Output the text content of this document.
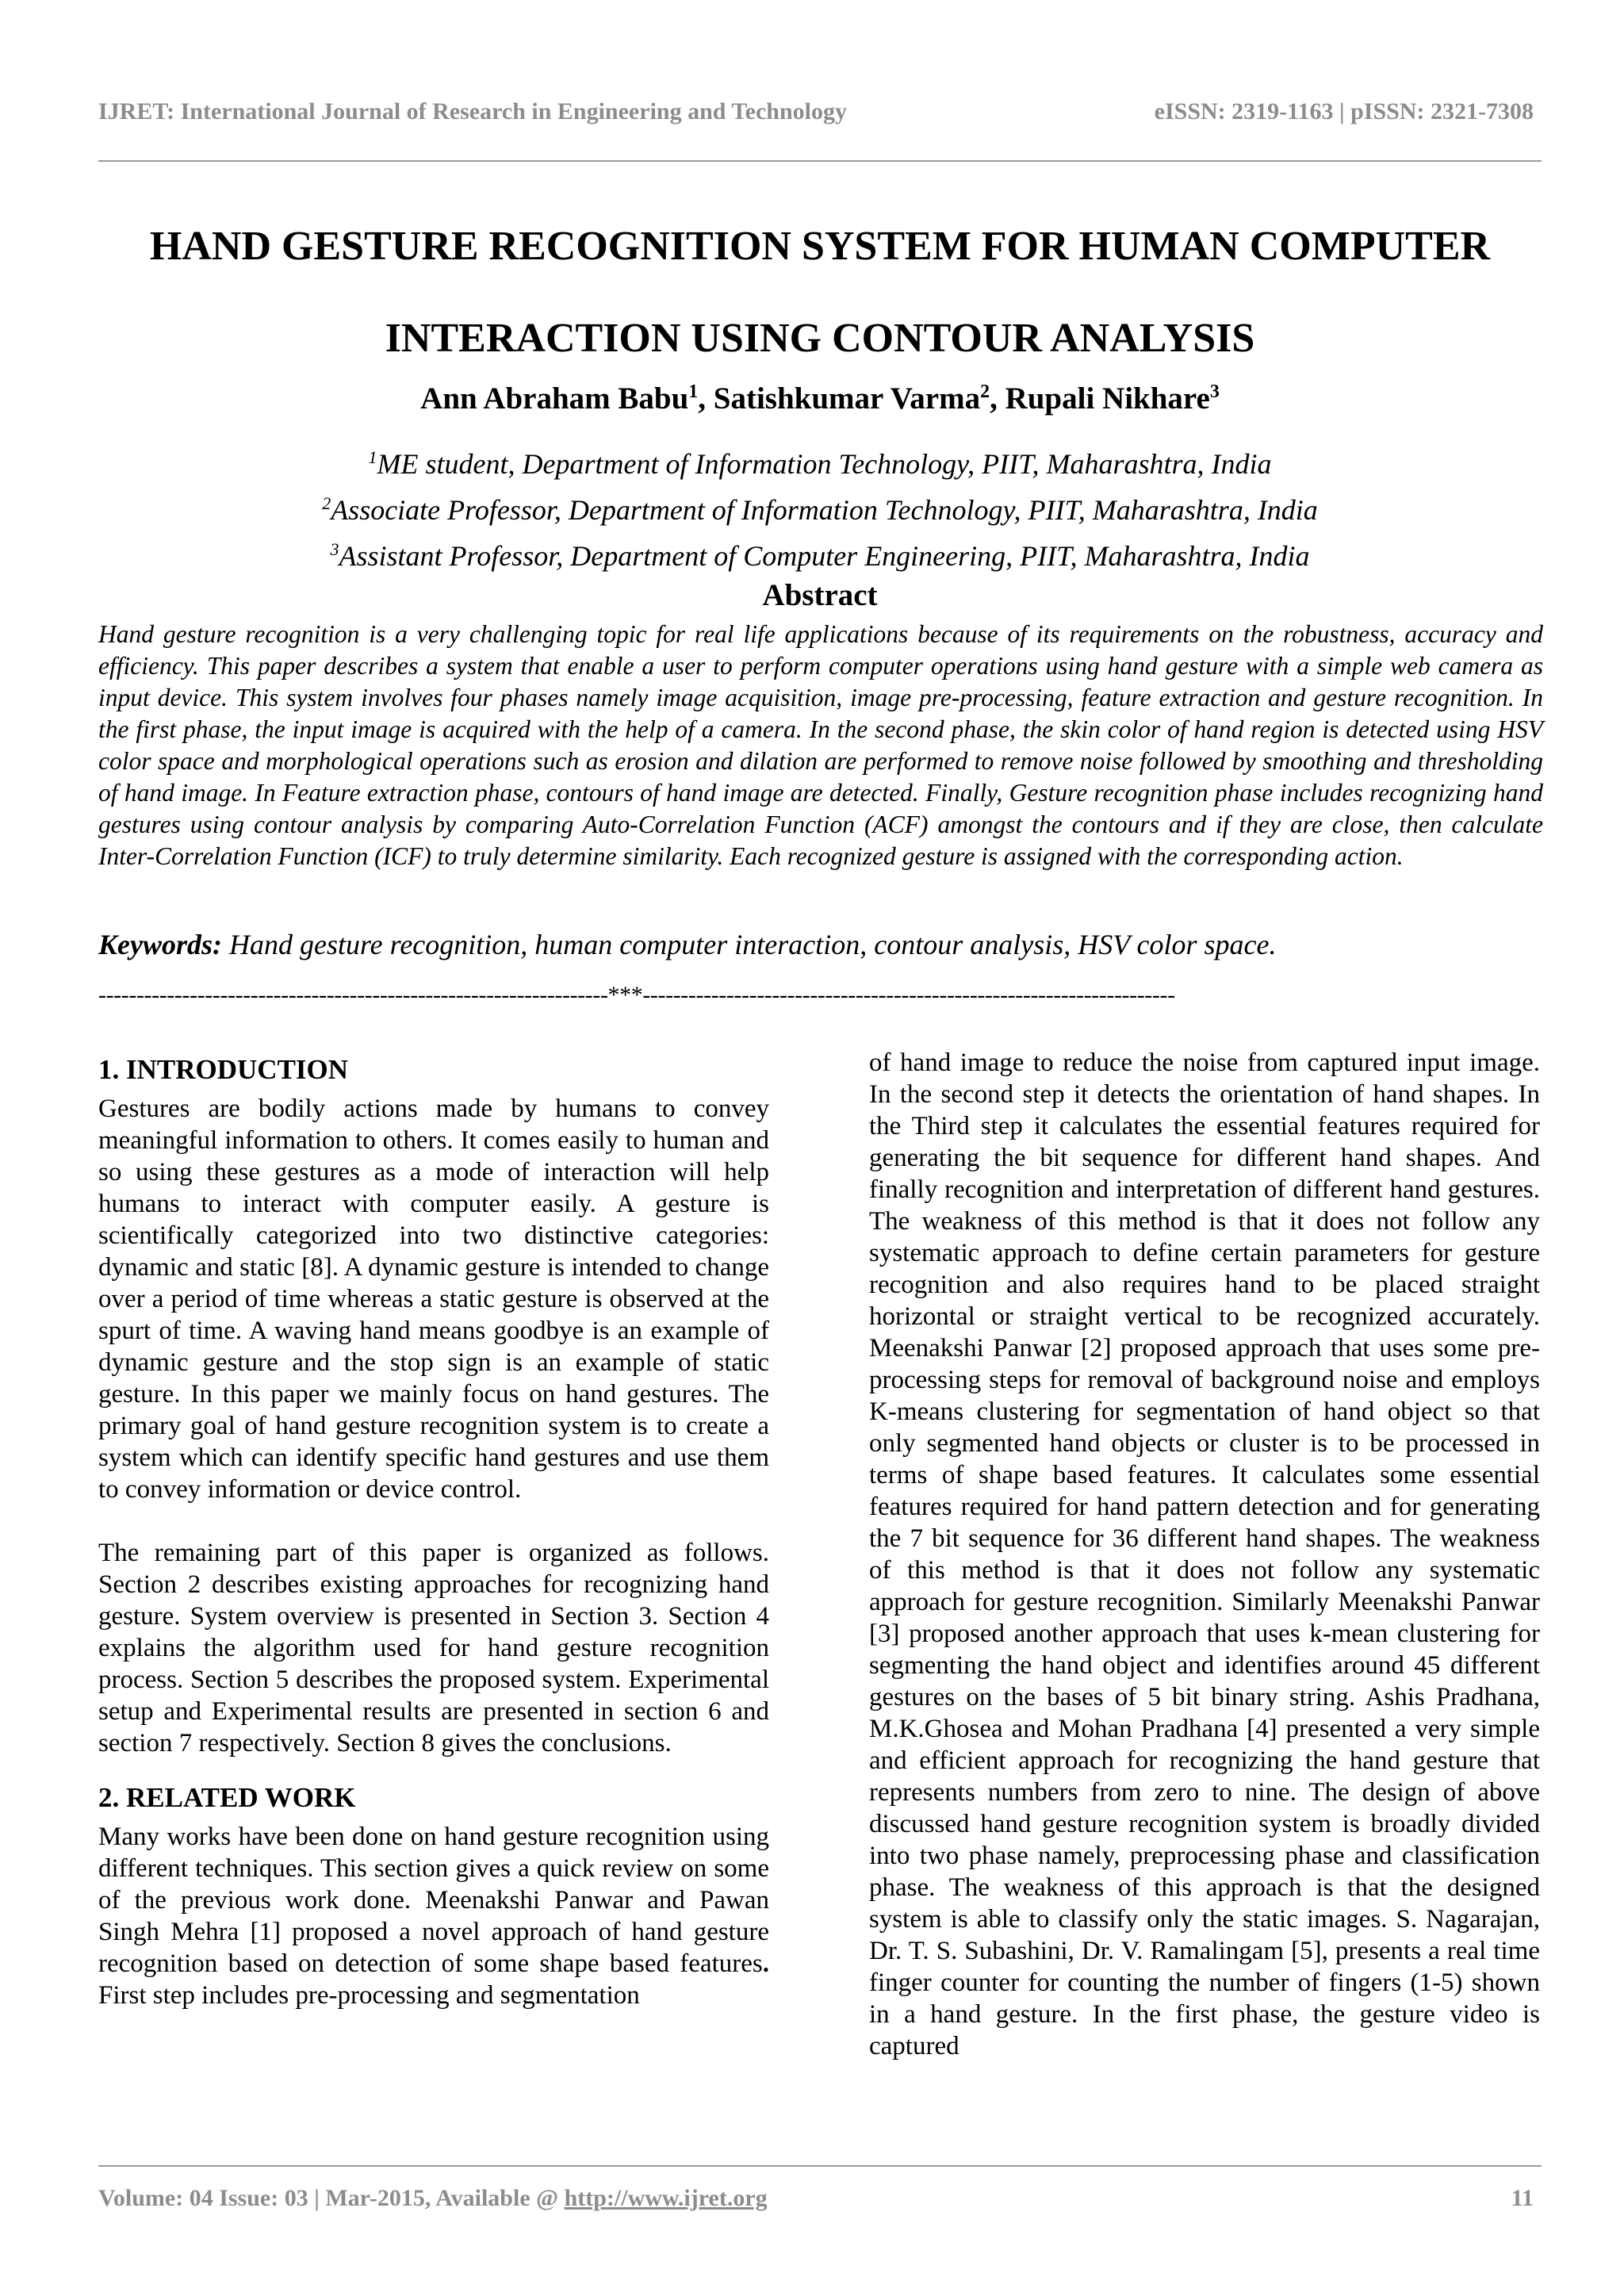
IJRET: International Journal of Research in Engineering and Technology	eISSN: 2319-1163 | pISSN: 2321-7308
HAND GESTURE RECOGNITION SYSTEM FOR HUMAN COMPUTER
INTERACTION USING CONTOUR ANALYSIS
Ann Abraham Babu$^1$, Satishkumar Varma$^2$, Rupali Nikhare$^3$
$^1$ME student, Department of Information Technology, PIIT, Maharashtra, India
$^2$Associate Professor, Department of Information Technology, PIIT, Maharashtra, India
$^3$Assistant Professor, Department of Computer Engineering, PIIT, Maharashtra, India
Abstract
Hand gesture recognition is a very challenging topic for real life applications because of its requirements on the robustness, accuracy and efficiency. This paper describes a system that enable a user to perform computer operations using hand gesture with a simple web camera as input device. This system involves four phases namely image acquisition, image pre-processing, feature extraction and gesture recognition. In the first phase, the input image is acquired with the help of a camera. In the second phase, the skin color of hand region is detected using HSV color space and morphological operations such as erosion and dilation are performed to remove noise followed by smoothing and thresholding of hand image. In Feature extraction phase, contours of hand image are detected. Finally, Gesture recognition phase includes recognizing hand gestures using contour analysis by comparing Auto-Correlation Function (ACF) amongst the contours and if they are close, then calculate Inter-Correlation Function (ICF) to truly determine similarity. Each recognized gesture is assigned with the corresponding action.
Keywords: Hand gesture recognition, human computer interaction, contour analysis, HSV color space.
-------------------------------------------------------------------***----------------------------------------------------------------------
1. INTRODUCTION

Gestures are bodily actions made by humans to convey meaningful information to others. It comes easily to human and so using these gestures as a mode of interaction will help humans to interact with computer easily. A gesture is scientifically categorized into two distinctive categories: dynamic and static [8]. A dynamic gesture is intended to change over a period of time whereas a static gesture is observed at the spurt of time. A waving hand means goodbye is an example of dynamic gesture and the stop sign is an example of static gesture. In this paper we mainly focus on hand gestures. The primary goal of hand gesture recognition system is to create a system which can identify specific hand gestures and use them to convey information or device control.

The remaining part of this paper is organized as follows. Section 2 describes existing approaches for recognizing hand gesture. System overview is presented in Section 3. Section 4 explains the algorithm used for hand gesture recognition process. Section 5 describes the proposed system. Experimental setup and Experimental results are presented in section 6 and section 7 respectively. Section 8 gives the conclusions.

2. RELATED WORK

Many works have been done on hand gesture recognition using different techniques. This section gives a quick review on some of the previous work done. Meenakshi Panwar and Pawan Singh Mehra [1] proposed a novel approach of hand gesture recognition based on detection of some shape based features. First step includes pre-processing and segmentation

of hand image to reduce the noise from captured input image. In the second step it detects the orientation of hand shapes. In the Third step it calculates the essential features required for generating the bit sequence for different hand shapes. And finally recognition and interpretation of different hand gestures. The weakness of this method is that it does not follow any systematic approach to define certain parameters for gesture recognition and also requires hand to be placed straight horizontal or straight vertical to be recognized accurately. Meenakshi Panwar [2] proposed approach that uses some pre-processing steps for removal of background noise and employs K-means clustering for segmentation of hand object so that only segmented hand objects or cluster is to be processed in terms of shape based features. It calculates some essential features required for hand pattern detection and for generating the 7 bit sequence for 36 different hand shapes. The weakness of this method is that it does not follow any systematic approach for gesture recognition. Similarly Meenakshi Panwar [3] proposed another approach that uses k-mean clustering for segmenting the hand object and identifies around 45 different gestures on the bases of 5 bit binary string. Ashis Pradhana, M.K.Ghosea and Mohan Pradhana [4] presented a very simple and efficient approach for recognizing the hand gesture that represents numbers from zero to nine. The design of above discussed hand gesture recognition system is broadly divided into two phase namely, preprocessing phase and classification phase. The weakness of this approach is that the designed system is able to classify only the static images. S. Nagarajan, Dr. T. S. Subashini, Dr. V. Ramalingam [5], presents a real time finger counter for counting the number of fingers (1-5) shown in a hand gesture. In the first phase, the gesture video is captured

Volume: 04 Issue: 03 | Mar-2015, Available @ http://www.ijret.org	11
